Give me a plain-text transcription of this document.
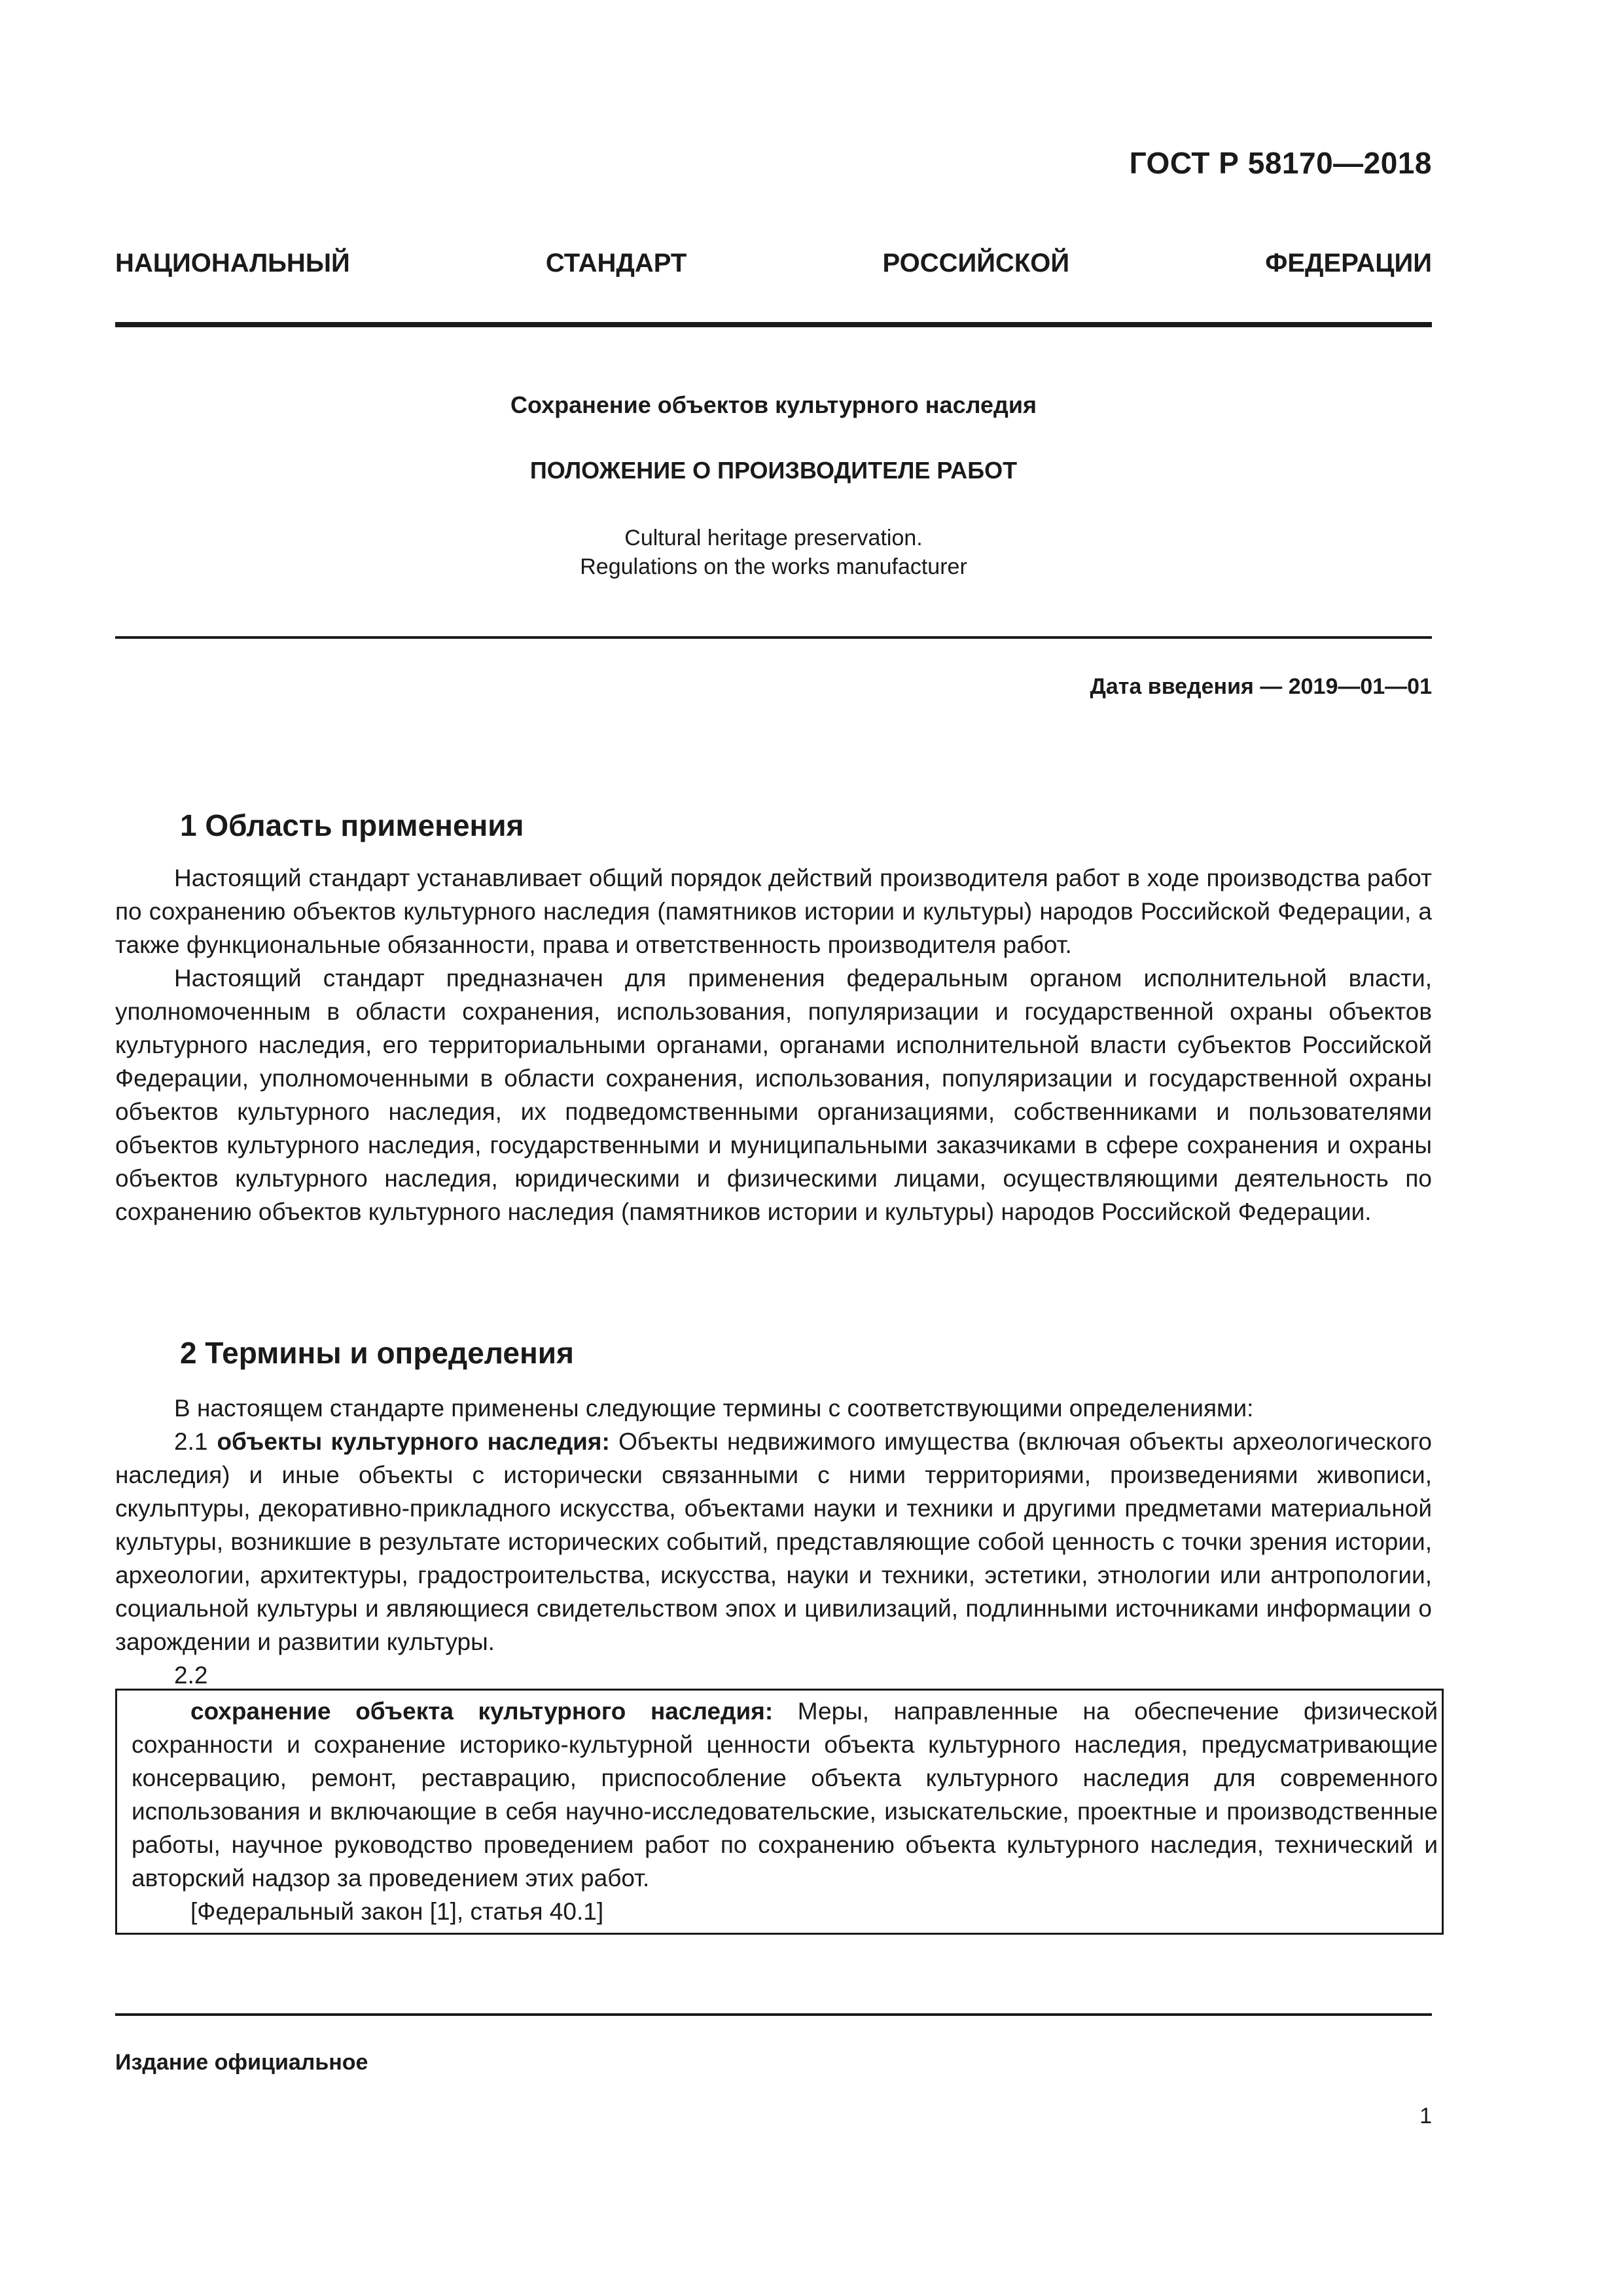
ГОСТ Р 58170—2018
НАЦИОНАЛЬНЫЙ	СТАНДАРТ	РОССИЙСКОЙ	ФЕДЕРАЦИИ
Сохранение объектов культурного наследия
ПОЛОЖЕНИЕ О ПРОИЗВОДИТЕЛЕ РАБОТ
Cultural heritage preservation.
Regulations on the works manufacturer
Дата введения — 2019—01—01
1 Область применения

Настоящий стандарт устанавливает общий порядок действий производителя работ в ходе производства работ по сохранению объектов культурного наследия (памятников истории и культуры) народов Российской Федерации, а также функциональные обязанности, права и ответственность производителя работ.

Настоящий стандарт предназначен для применения федеральным органом исполнительной власти, уполномоченным в области сохранения, использования, популяризации и государственной охраны объектов культурного наследия, его территориальными органами, органами исполнительной власти субъектов Российской Федерации, уполномоченными в области сохранения, использования, популяризации и государственной охраны объектов культурного наследия, их подведомственными организациями, собственниками и пользователями объектов культурного наследия, государственными и муниципальными заказчиками в сфере сохранения и охраны объектов культурного наследия, юридическими и физическими лицами, осуществляющими деятельность по сохранению объектов культурного наследия (памятников истории и культуры) народов Российской Федерации.

2 Термины и определения

В настоящем стандарте применены следующие термины с соответствующими определениями:

2.1 объекты культурного наследия: Объекты недвижимого имущества (включая объекты археологического наследия) и иные объекты с исторически связанными с ними территориями, произведениями живописи, скульптуры, декоративно-прикладного искусства, объектами науки и техники и другими предметами материальной культуры, возникшие в результате исторических событий, представляющие собой ценность с точки зрения истории, археологии, архитектуры, градостроительства, искусства, науки и техники, эстетики, этнологии или антропологии, социальной культуры и являющиеся свидетельством эпох и цивилизаций, подлинными источниками информации о зарождении и развитии культуры.

2.2

сохранение объекта культурного наследия: Меры, направленные на обеспечение физической сохранности и сохранение историко-культурной ценности объекта культурного наследия, предусматривающие консервацию, ремонт, реставрацию, приспособление объекта культурного наследия для современного использования и включающие в себя научно-исследовательские, изыскательские, проектные и производственные работы, научное руководство проведением работ по сохранению объекта культурного наследия, технический и авторский надзор за проведением этих работ.

[Федеральный закон [1], статья 40.1]

Издание официальное
1
